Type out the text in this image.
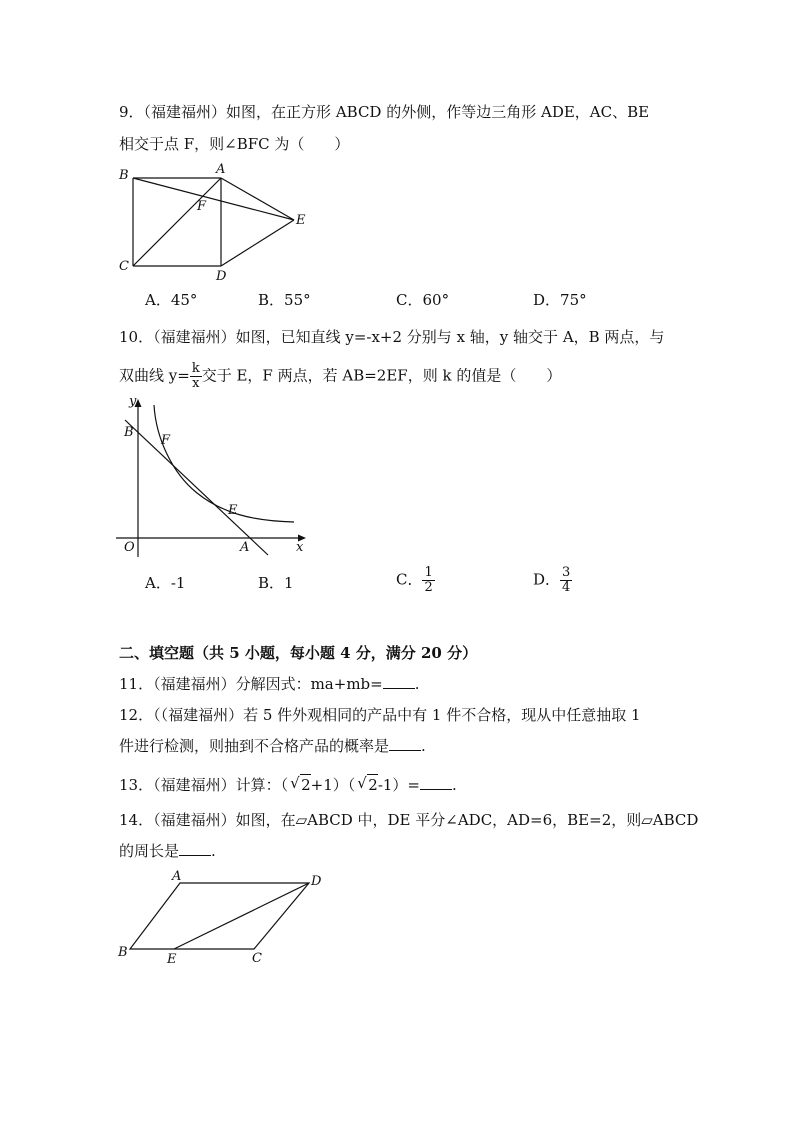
9．（福建福州）如图，在正方形 ABCD 的外侧，作等边三角形 ADE，AC、BE
相交于点 F，则∠BFC 为（　　）
A
B
C
D
E
F
A．45°	B．55°	C．60°	D．75°
10．（福建福州）如图，已知直线 y=-x+2 分别与 x 轴，y 轴交于 A，B 两点，与
双曲线 $y= \frac{k}{x}$ 交于 E，F 两点，若 AB=2EF，则 k 的值是（　　）
y
x
O	A
B
E
F
A．-1	B．1	C． $\frac{1}{2}$	D． $\frac{3}{4}$
二、填空题（共 5 小题，每小题 4 分，满分 20 分）
11．（福建福州）分解因式：ma+mb= .
12．（（福建福州）若 5 件外观相同的产品中有 1 件不合格，现从中任意抽取 1
件进行检测，则抽到不合格产品的概率是 .
13．（福建福州）计算：（ √ 2+1）（ √ 2-1）= .
14．（福建福州）如图，在▱ABCD 中，DE 平分∠ADC，AD=6，BE=2，则▱ABCD
的周长是 .
A
B	C
D
E
